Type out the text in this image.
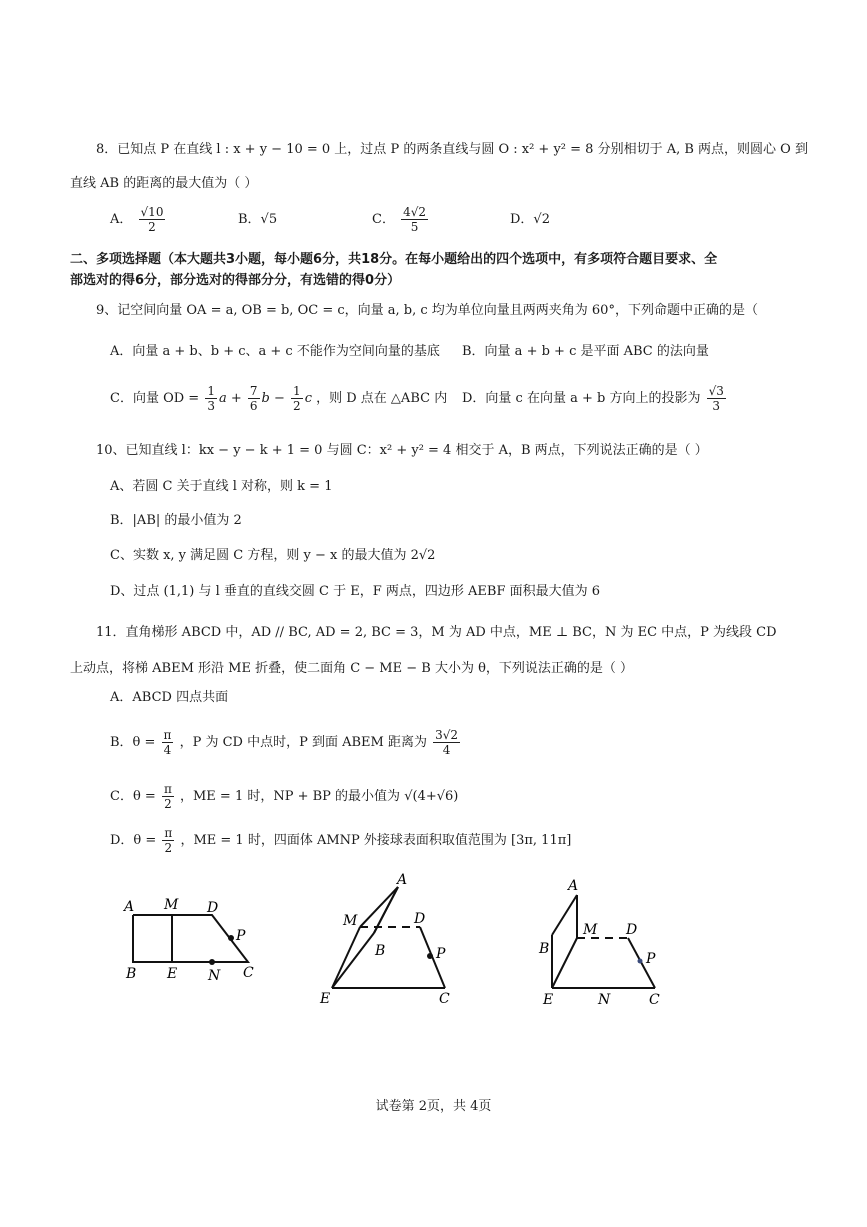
8．已知点 P 在直线 l : x + y − 10 = 0 上，过点 P 的两条直线与圆 O : x² + y² = 8 分别相切于 A, B 两点，则圆心 O 到
直线 AB 的距离的最大值为（ ）
A． $\frac{√10}{2}$	B．√5	C． $\frac{4√2}{5}$	D．√2
二、多项选择题（本大题共3小题，每小题6分，共18分。在每小题给出的四个选项中，有多项符合题目要求、全
部选对的得6分，部分选对的得部分分，有选错的得0分）
9、记空间向量 OA = a, OB = b, OC = c，向量 a, b, c 均为单位向量且两两夹角为 60°，下列命题中正确的是（
A．向量 a + b、b + c、a + c 不能作为空间向量的基底 B．向量 a + b + c 是平面 ABC 的法向量
C．向量 OD = $\frac{1}{3}$ $a + \frac{7}{6}$ $b - \frac{1}{2}$ c ，则 D 点在 △ABC 内 D．向量 c 在向量 a + b 方向上的投影为 $\frac{√3}{3}$
10、已知直线 l：kx − y − k + 1 = 0 与圆 C：x² + y² = 4 相交于 A，B 两点，下列说法正确的是（ ）
A、若圆 C 关于直线 l 对称，则 k = 1
B．|AB| 的最小值为 2
C、实数 x, y 满足圆 C 方程，则 y − x 的最大值为 2√2
D、过点 (1,1) 与 l 垂直的直线交圆 C 于 E，F 两点，四边形 AEBF 面积最大值为 6
11．直角梯形 ABCD 中，AD // BC, AD = 2, BC = 3，M 为 AD 中点，ME ⊥ BC，N 为 EC 中点，P 为线段 CD
上动点，将梯 ABEM 形沿 ME 折叠，使二面角 C − ME − B 大小为 θ，下列说法正确的是（ ）
A．ABCD 四点共面
B．$\theta = \frac{\pi}{4}$ ，P 为 CD 中点时，P 到面 ABEM 距离为 $\frac{3√2}{4}$
C．$\theta = \frac{\pi}{2}$ ，ME = 1 时，NP + BP 的最小值为 √(4+√6)
D．$\theta = \frac{\pi}{2}$ ，ME = 1 时，四面体 AMNP 外接球表面积取值范围为 [3π, 11π]
A M D
P
B E N C
A
M	D
B	P
E	C
A
M D
B
P
E	N	C
试卷第 2页，共 4页
